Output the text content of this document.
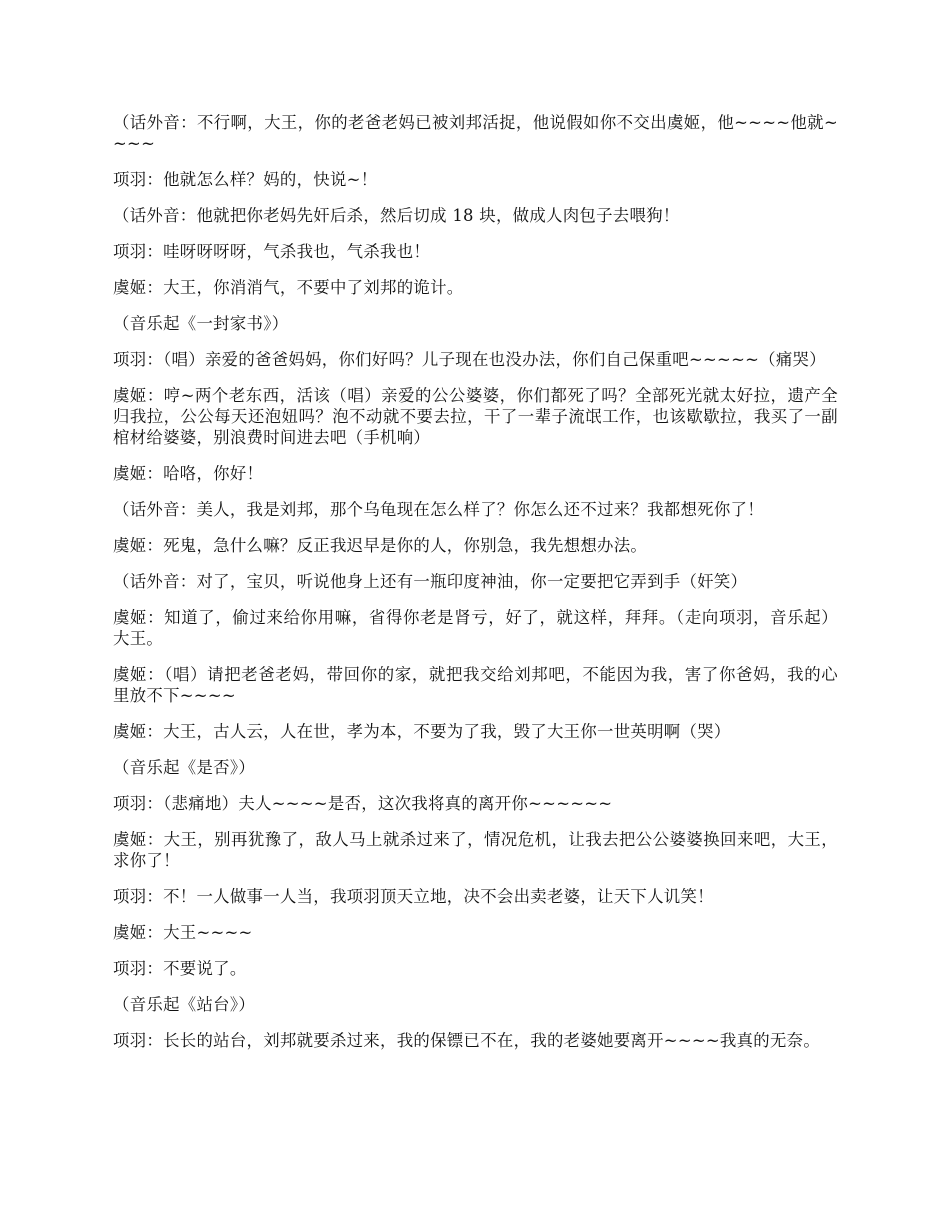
（话外音：不行啊，大王，你的老爸老妈已被刘邦活捉，他说假如你不交出虞姬，他~~~~他就~~~~

项羽：他就怎么样？妈的，快说~！

（话外音：他就把你老妈先奸后杀，然后切成 18 块，做成人肉包子去喂狗！

项羽：哇呀呀呀呀，气杀我也，气杀我也！

虞姬：大王，你消消气，不要中了刘邦的诡计。

（音乐起《一封家书》）

项羽：（唱）亲爱的爸爸妈妈，你们好吗？儿子现在也没办法，你们自己保重吧~~~~~（痛哭）

虞姬：哼~两个老东西，活该（唱）亲爱的公公婆婆，你们都死了吗？全部死光就太好拉，遗产全归我拉，公公每天还泡妞吗？泡不动就不要去拉，干了一辈子流氓工作，也该歇歇拉，我买了一副棺材给婆婆，别浪费时间进去吧（手机响）

虞姬：哈咯，你好！

（话外音：美人，我是刘邦，那个乌龟现在怎么样了？你怎么还不过来？我都想死你了！

虞姬：死鬼，急什么嘛？反正我迟早是你的人，你别急，我先想想办法。

（话外音：对了，宝贝，听说他身上还有一瓶印度神油，你一定要把它弄到手（奸笑）

虞姬：知道了，偷过来给你用嘛，省得你老是肾亏，好了，就这样，拜拜。（走向项羽，音乐起）大王。

虞姬：（唱）请把老爸老妈，带回你的家，就把我交给刘邦吧，不能因为我，害了你爸妈，我的心里放不下~~~~

虞姬：大王，古人云，人在世，孝为本，不要为了我，毁了大王你一世英明啊（哭）

（音乐起《是否》）

项羽：（悲痛地）夫人~~~~是否，这次我将真的离开你~~~~~~

虞姬：大王，别再犹豫了，敌人马上就杀过来了，情况危机，让我去把公公婆婆换回来吧，大王，求你了！

项羽：不！一人做事一人当，我项羽顶天立地，决不会出卖老婆，让天下人讥笑！

虞姬：大王~~~~

项羽：不要说了。

（音乐起《站台》）

项羽：长长的站台，刘邦就要杀过来，我的保镖已不在，我的老婆她要离开~~~~我真的无奈。
